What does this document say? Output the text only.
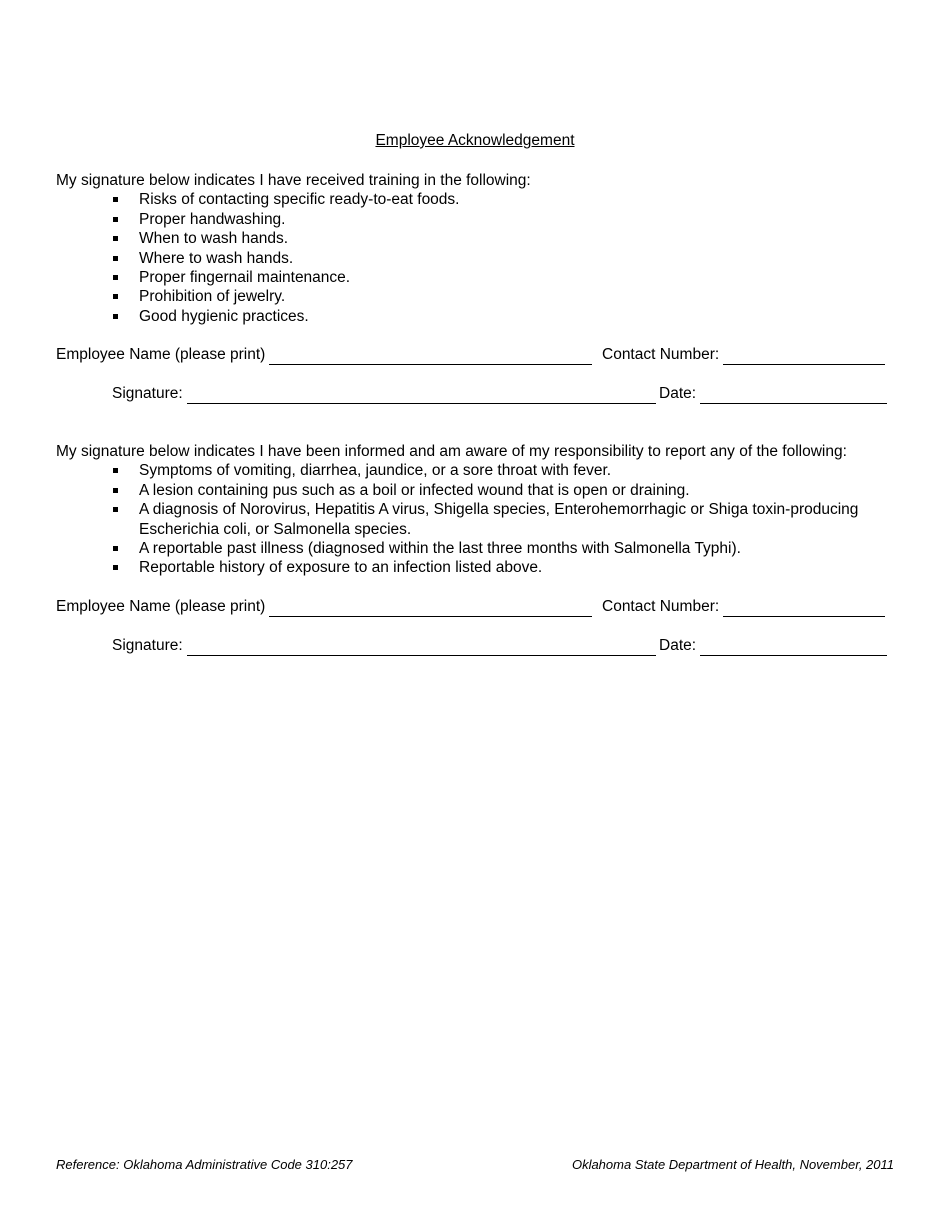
Employee Acknowledgement

My signature below indicates I have received training in the following:

Risks of contacting specific ready-to-eat foods.
Proper handwashing.
When to wash hands.
Where to wash hands.
Proper fingernail maintenance.
Prohibition of jewelry.
Good hygienic practices.
Employee Name (please print)	Contact Number:
Signature:	Date:

My signature below indicates I have been informed and am aware of my responsibility to report any of the following:

Symptoms of vomiting, diarrhea, jaundice, or a sore throat with fever.
A lesion containing pus such as a boil or infected wound that is open or draining.
A diagnosis of Norovirus, Hepatitis A virus, Shigella species, Enterohemorrhagic or Shiga toxin-producing Escherichia coli, or Salmonella species.
A reportable past illness (diagnosed within the last three months with Salmonella Typhi).
Reportable history of exposure to an infection listed above.
Employee Name (please print)	Contact Number:
Signature:	Date:
Reference: Oklahoma Administrative Code 310:257	Oklahoma State Department of Health, November, 2011
